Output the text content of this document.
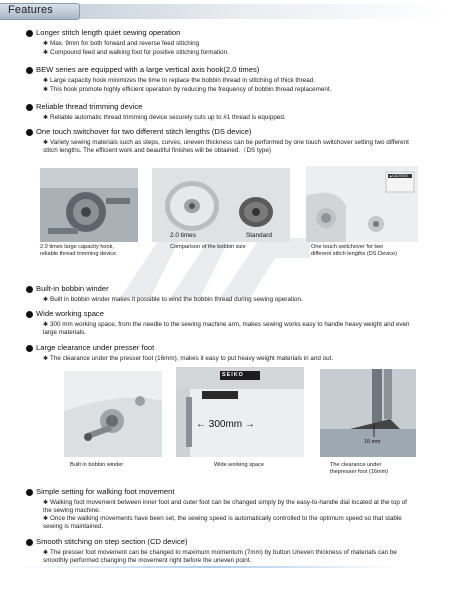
Features
Longer stitch length quiet sewing operation
✱ Max. 9mm for both forward and reverse feed stitching
✱ Compound feed and walking foot for positive stitching formation.
BEW series are equipped with a large vertical axis hook(2.0 times)
✱ Large capacity hook minimizes the time to replace the bobbin thread in stitching of thick thread.
✱ This hook promote highly efficient operation by reducing the frequency of bobbin thread replacement.
Reliable thread trimming device
✱ Reliable automatic thread trimming device securely cuts up to #1 thread is equipped.
One touch switchover for two different stitch lengths (DS device)
✱ Variety sewing materials such as steps, curves, uneven thickness can be performed by one touch switchover setting two different stitch lengths. The efficient work and beautiful finishes will be obtained.（DS type)
2.0 times large capacity hook,
reliable thread trimming device
2.0 times	Standard
Comparison of the bobbin size
▲CAUTION
One touch switchover for two
different stitch lengths (DS Device)
Built-in bobbin winder
✱ Built in bobbin winder makes it possible to wind the bobbin thread during sewing operation.
Wide working space
✱ 300 mm working space, from the needle to the sewing machine arm, makes sewing works easy to handle heavy weight and even large materials.
Large clearance under presser foot
✱ The clearance under the presser foot (16mm), makes it easy to put heavy weight materials in and out.
Built in bobbin winder
SEIKO
← 300mm →
Wide working space
16 mm
The clearance under
thepresser foot (16mm)
Simple setting for walking foot movement
✱ Walking foot movement between inner foot and outer foot can be changed simply by the easy-to-handle dial located at the top of the sewing machine.
✱ Once the walking movements have been set, the sewing speed is automatically controlled to the optimum speed so that stable sewing is maintained.
Smooth stitching on step section (CD device)
✱ The presser foot movement can be changed to maximum momentum (7mm) by button Uneven thickness of materials can be smoothly performed changing the movement right before the uneven point.
